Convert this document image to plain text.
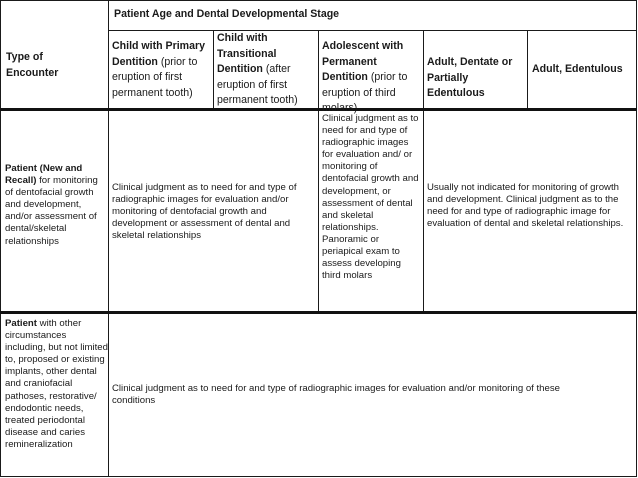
Patient Age and Dental Developmental Stage
Type of
Encounter
Child with Primary Dentition (prior to eruption of first permanent tooth)
Child with Transitional Dentition (after eruption of first permanent tooth)
Adolescent with Permanent Dentition (prior to eruption of third molars)
Adult, Dentate or Partially Edentulous
Adult, Edentulous
Patient (New and Recall) for monitoring of dentofacial growth and development, and/or assessment of dental/skeletal relationships
Clinical judgment as to need for and type of radiographic images for evaluation and/or monitoring of dentofacial growth and development or assessment of dental and skeletal relationships
Clinical judgment as to need for and type of radiographic images for evaluation and/ or monitoring of dentofacial growth and development, or assessment of dental and skeletal relationships. Panoramic or periapical exam to assess developing third molars
Usually not indicated for monitoring of growth and development. Clinical judgment as to the need for and type of radiographic image for evaluation of dental and skeletal relationships.
Patient with other circumstances including, but not limited to, proposed or existing implants, other dental and craniofacial pathoses, restorative/ endodontic needs, treated periodontal disease and caries remineralization
Clinical judgment as to need for and type of radiographic images for evaluation and/or monitoring of these conditions
